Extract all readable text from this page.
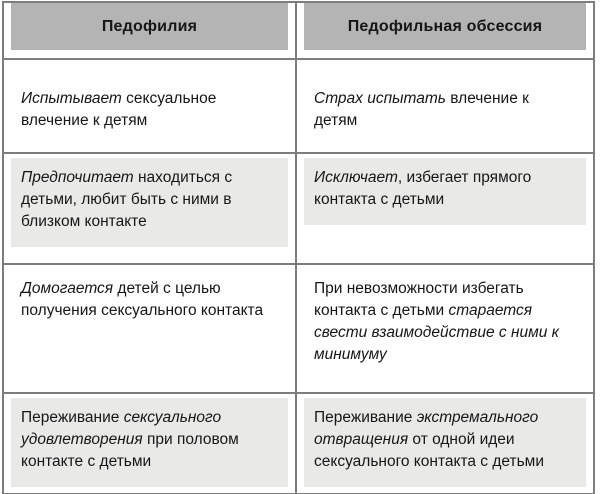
Педофилия	Педофильная обсессия

Испытывает сексуальное влечение к детям	Страх испытать влечение к детям

Предпочитает находиться с детьми, любит быть с ними в близком контакте	Исключает, избегает прямого контакта с детьми

Домогается детей с целью получения сексуального контакта	При невозможности избегать контакта с детьми старается свести взаимодействие с ними к минимуму

Переживание сексуального удовлетворения при половом контакте с детьми	Переживание экстремального отвращения от одной идеи сексуального контакта с детьми
